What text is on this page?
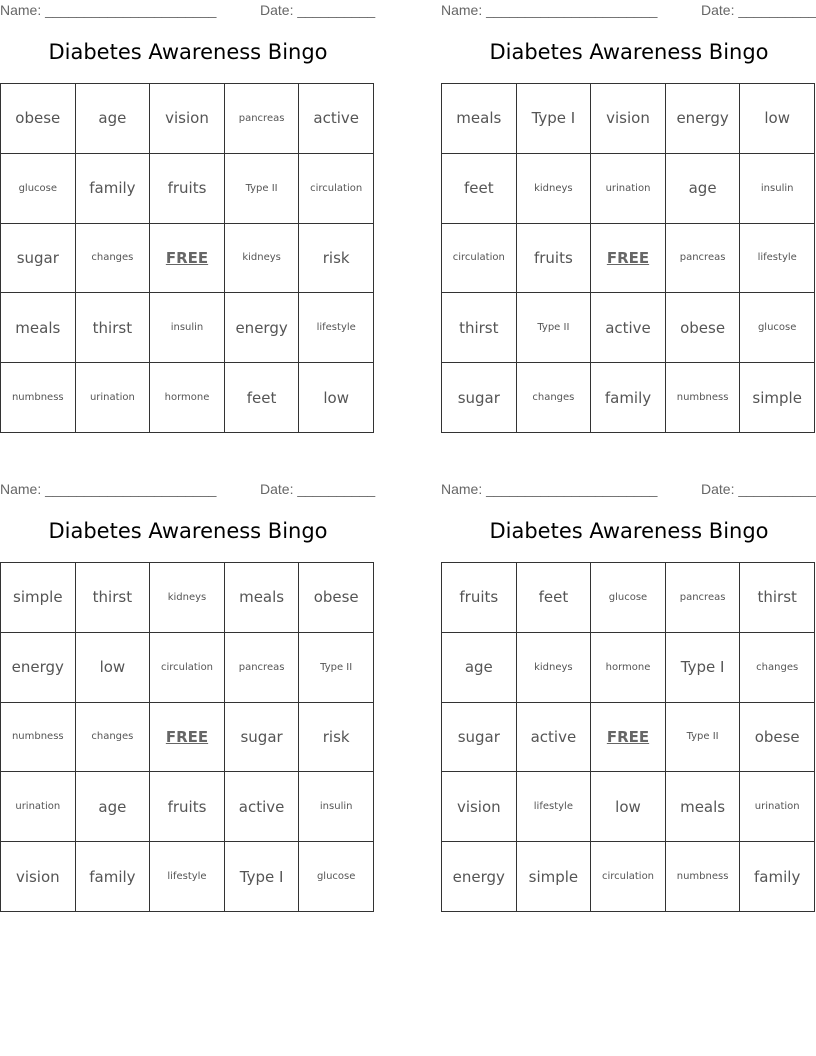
Name: ______________________	Date: __________
Diabetes Awareness Bingo
obese	age	vision	pancreas	active
glucose	family	fruits	Type II	circulation
sugar	changes	FREE	kidneys	risk
meals	thirst	insulin	energy	lifestyle
numbness	urination	hormone	feet	low
Name: ______________________	Date: __________
Diabetes Awareness Bingo
meals	Type I	vision	energy	low
feet	kidneys	urination	age	insulin
circulation	fruits	FREE	pancreas	lifestyle
thirst	Type II	active	obese	glucose
sugar	changes	family	numbness	simple
Name: ______________________	Date: __________
Diabetes Awareness Bingo
simple	thirst	kidneys	meals	obese
energy	low	circulation	pancreas	Type II
numbness	changes	FREE	sugar	risk
urination	age	fruits	active	insulin
vision	family	lifestyle	Type I	glucose
Name: ______________________	Date: __________
Diabetes Awareness Bingo
fruits	feet	glucose	pancreas	thirst
age	kidneys	hormone	Type I	changes
sugar	active	FREE	Type II	obese
vision	lifestyle	low	meals	urination
energy	simple	circulation	numbness	family
